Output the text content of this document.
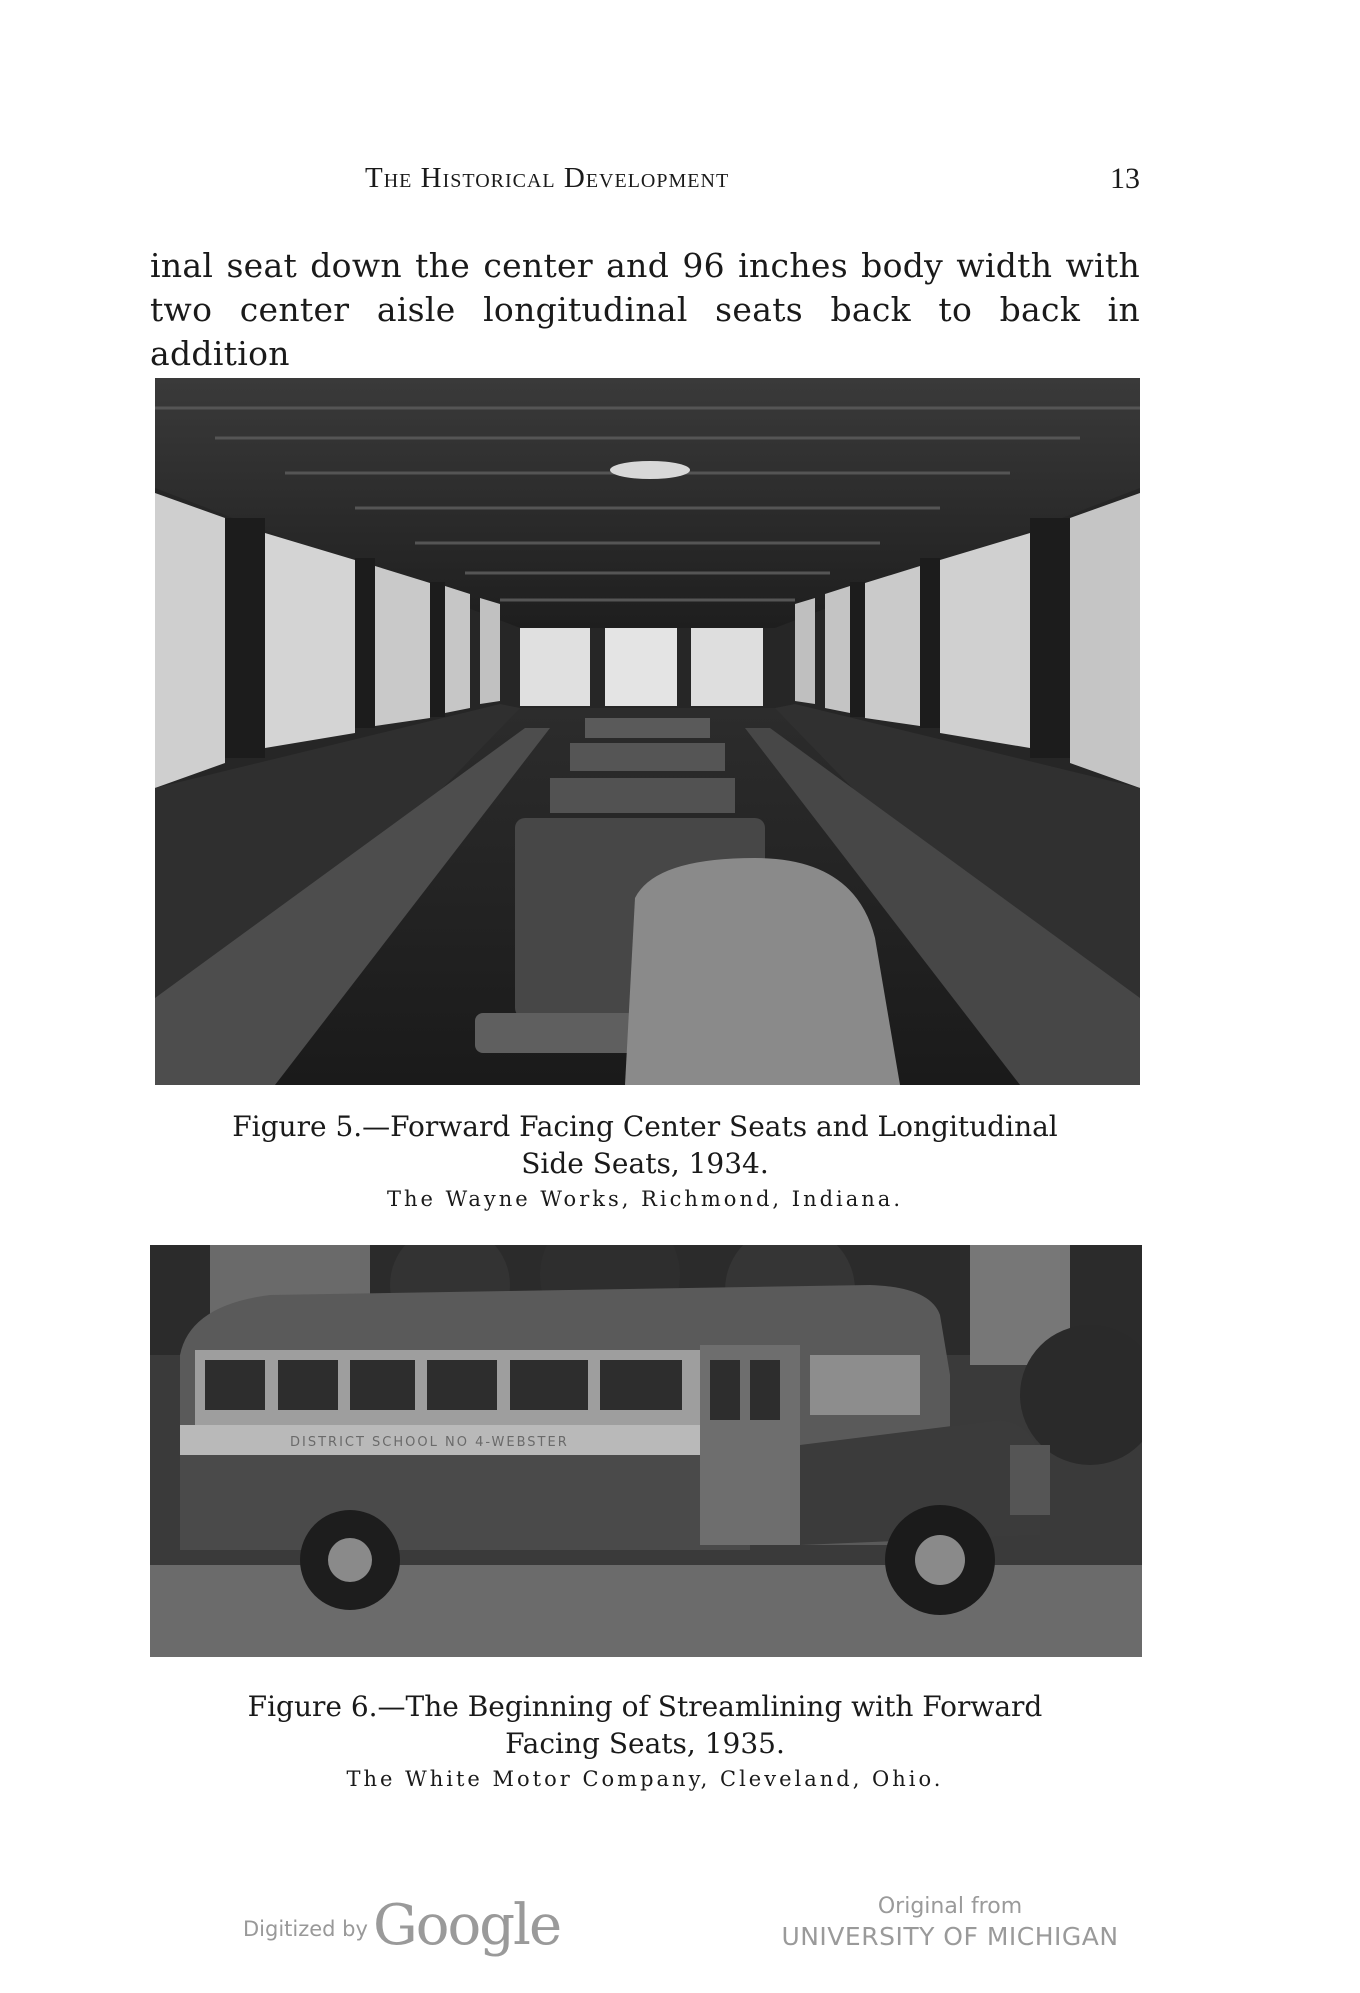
The Historical Development	13
inal seat down the center and 96 inches body width with
two center aisle longitudinal seats back to back in addition
Figure 5.—Forward Facing Center Seats and Longitudinal
Side Seats, 1934.
The Wayne Works, Richmond, Indiana.
DISTRICT SCHOOL NO 4-WEBSTER
Figure 6.—The Beginning of Streamlining with Forward
Facing Seats, 1935.
The White Motor Company, Cleveland, Ohio.
Digitized by Google	Original from
UNIVERSITY OF MICHIGAN
